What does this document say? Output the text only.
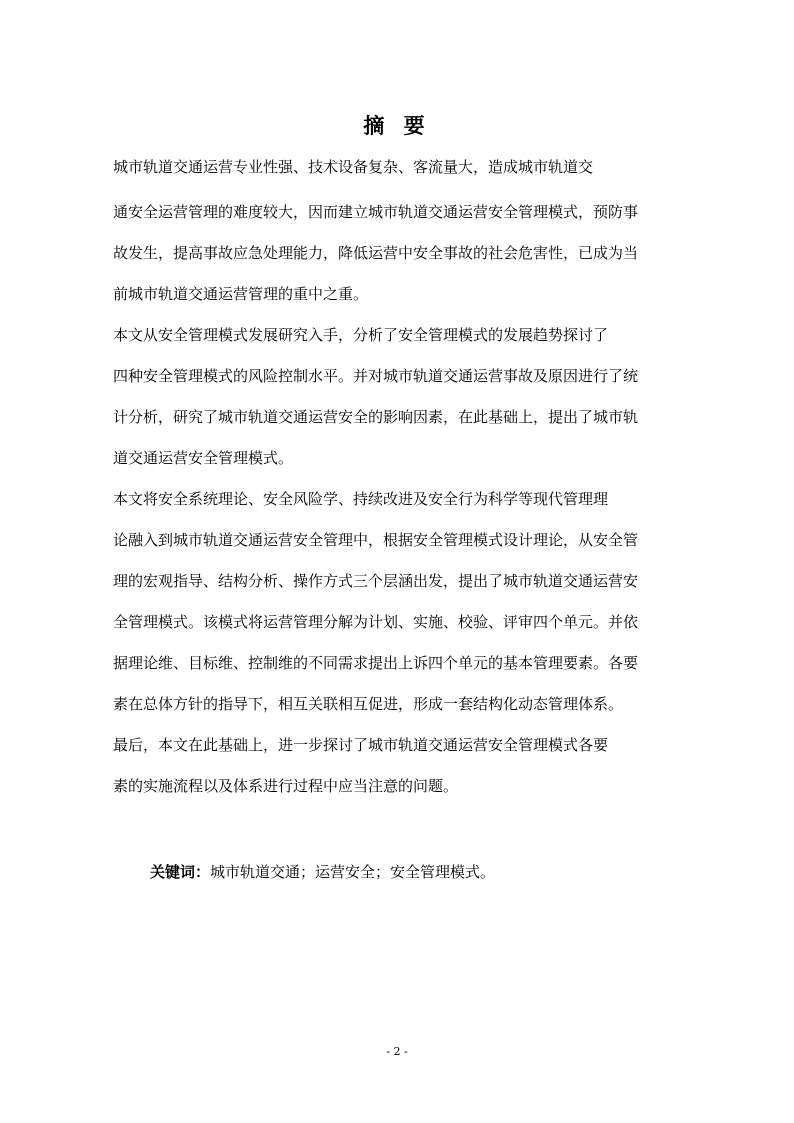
摘 要
城市轨道交通运营专业性强、技术设备复杂、客流量大，造成城市轨道交
通安全运营管理的难度较大，因而建立城市轨道交通运营安全管理模式，预防事
故发生，提高事故应急处理能力，降低运营中安全事故的社会危害性，已成为当
前城市轨道交通运营管理的重中之重。
本文从安全管理模式发展研究入手，分析了安全管理模式的发展趋势探讨了
四种安全管理模式的风险控制水平。并对城市轨道交通运营事故及原因进行了统
计分析，研究了城市轨道交通运营安全的影响因素，在此基础上，提出了城市轨
道交通运营安全管理模式。
本文将安全系统理论、安全风险学、持续改进及安全行为科学等现代管理理
论融入到城市轨道交通运营安全管理中，根据安全管理模式设计理论，从安全管
理的宏观指导、结构分析、操作方式三个层涵出发，提出了城市轨道交通运营安
全管理模式。该模式将运营管理分解为计划、实施、校验、评审四个单元。并依
据理论维、目标维、控制维的不同需求提出上诉四个单元的基本管理要素。各要
素在总体方针的指导下，相互关联相互促进，形成一套结构化动态管理体系。
最后，本文在此基础上，进一步探讨了城市轨道交通运营安全管理模式各要
素的实施流程以及体系进行过程中应当注意的问题。
关键词：城市轨道交通；运营安全；安全管理模式。
- 2 -
